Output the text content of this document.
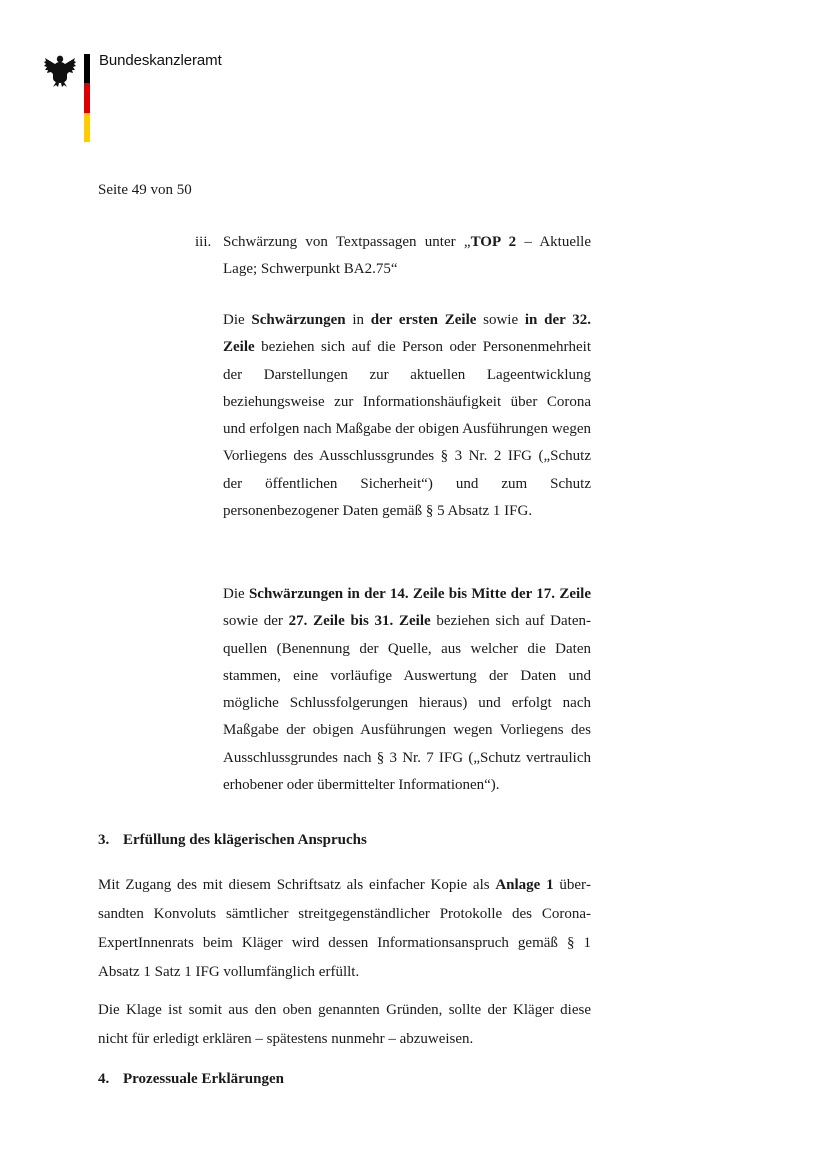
Bundeskanzleramt
Seite 49 von 50
iii. Schwärzung von Textpassagen unter „TOP 2 – Aktuelle Lage; Schwerpunkt BA2.75“

Die Schwärzungen in der ersten Zeile sowie in der 32. Zeile beziehen sich auf die Person oder Personenmehrheit der Darstellungen zur aktuellen Lageentwicklung beziehungsweise zur Informationshäufigkeit über Corona und erfolgen nach Maßgabe der obigen Ausführungen wegen Vorliegens des Ausschlussgrundes § 3 Nr. 2 IFG („Schutz der öffentlichen Sicherheit“) und zum Schutz personenbezogener Daten gemäß § 5 Absatz 1 IFG.

Die Schwärzungen in der 14. Zeile bis Mitte der 17. Zeile sowie der 27. Zeile bis 31. Zeile beziehen sich auf Datenquellen (Benennung der Quelle, aus welcher die Daten stammen, eine vorläufige Auswertung der Daten und mögliche Schlussfolgerungen hieraus) und erfolgt nach Maßgabe der obigen Ausführungen wegen Vorliegens des Ausschlussgrundes nach § 3 Nr. 7 IFG („Schutz vertraulich erhobener oder übermittelter Informationen“).

3. Erfüllung des klägerischen Anspruchs

Mit Zugang des mit diesem Schriftsatz als einfacher Kopie als Anlage 1 übersandten Konvoluts sämtlicher streitgegenständlicher Protokolle des Corona-ExpertInnenrats beim Kläger wird dessen Informationsanspruch gemäß § 1 Absatz 1 Satz 1 IFG vollumfänglich erfüllt.

Die Klage ist somit aus den oben genannten Gründen, sollte der Kläger diese nicht für erledigt erklären – spätestens nunmehr – abzuweisen.

4. Prozessuale Erklärungen
